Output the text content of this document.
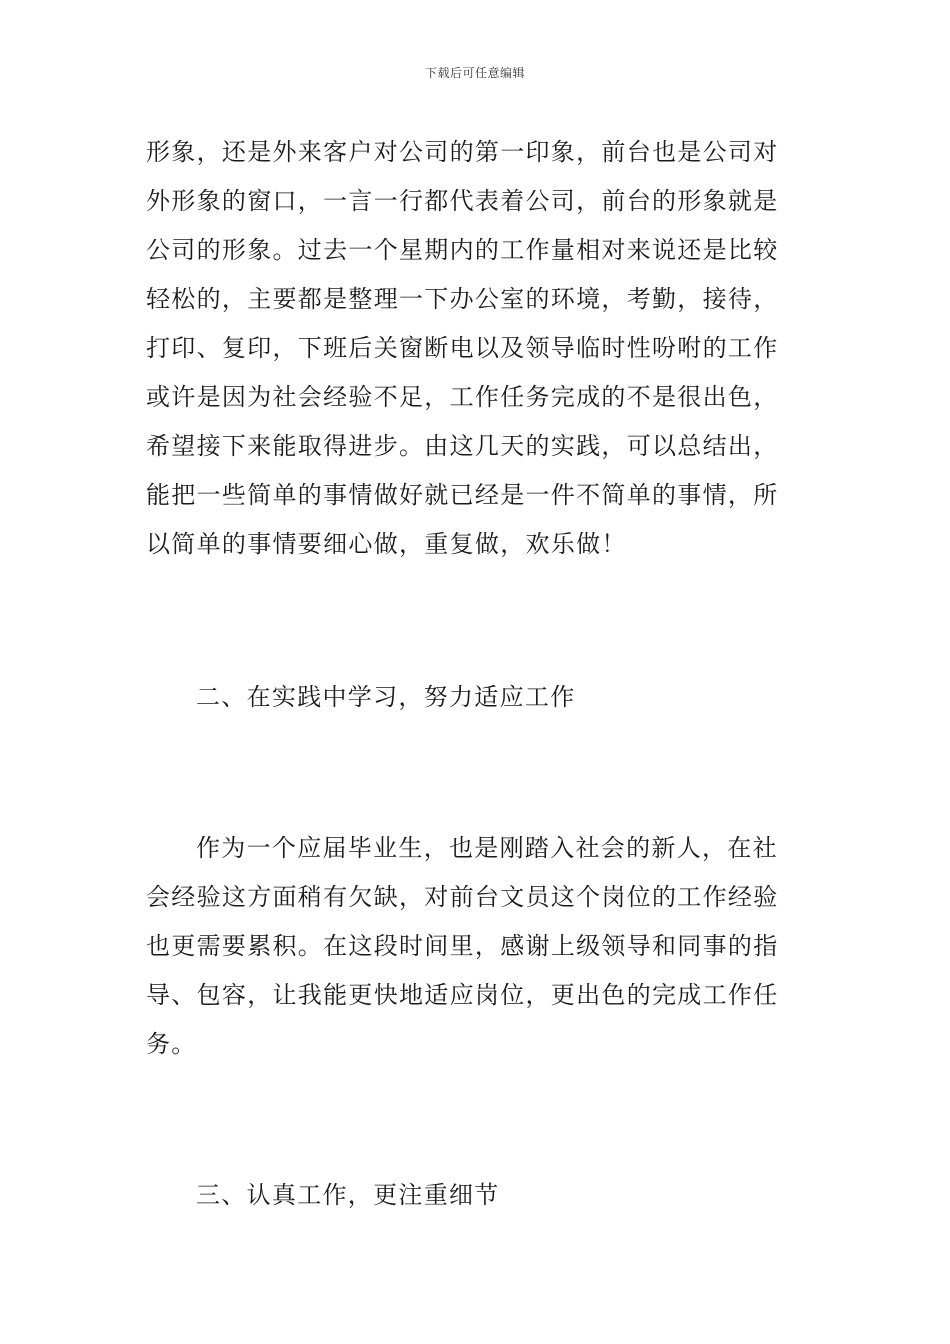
下载后可任意编辑
形象，还是外来客户对公司的第一印象，前台也是公司对
外形象的窗口，一言一行都代表着公司，前台的形象就是
公司的形象。过去一个星期内的工作量相对来说还是比较
轻松的，主要都是整理一下办公室的环境，考勤，接待，
打印、复印，下班后关窗断电以及领导临时性吩咐的工作
或许是因为社会经验不足，工作任务完成的不是很出色，
希望接下来能取得进步。由这几天的实践，可以总结出，
能把一些简单的事情做好就已经是一件不简单的事情，所
以简单的事情要细心做，重复做，欢乐做！
二、在实践中学习，努力适应工作
作为一个应届毕业生，也是刚踏入社会的新人，在社
会经验这方面稍有欠缺，对前台文员这个岗位的工作经验
也更需要累积。在这段时间里，感谢上级领导和同事的指
导、包容，让我能更快地适应岗位，更出色的完成工作任
务。
三、认真工作，更注重细节
